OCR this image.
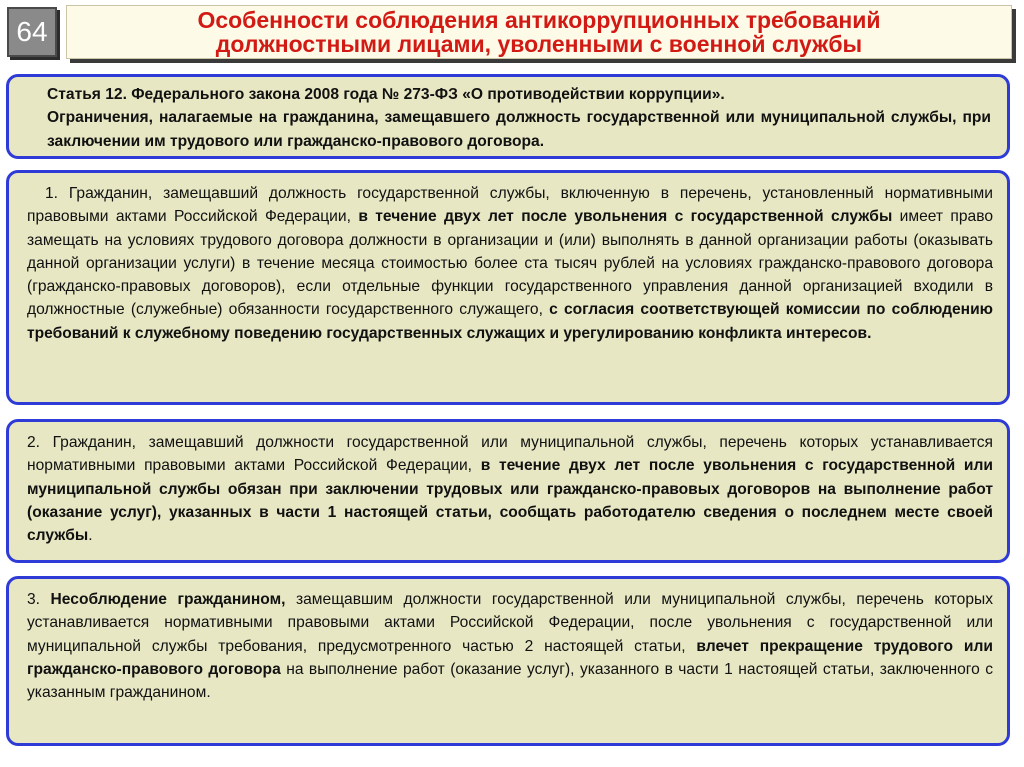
64	Особенности соблюдения антикоррупционных требований
должностными лицами, уволенными с военной службы

Статья 12. Федерального закона 2008 года № 273-ФЗ «О противодействии коррупции».

Ограничения, налагаемые на гражданина, замещавшего должность государственной или муниципальной службы, при заключении им трудового или гражданско-правового договора.

1. Гражданин, замещавший должность государственной службы, включенную в перечень, установленный нормативными правовыми актами Российской Федерации, в течение двух лет после увольнения с государственной службы имеет право замещать на условиях трудового договора должности в организации и (или) выполнять в данной организации работы (оказывать данной организации услуги) в течение месяца стоимостью более ста тысяч рублей на условиях гражданско-правового договора (гражданско-правовых договоров), если отдельные функции государственного управления данной организацией входили в должностные (служебные) обязанности государственного служащего, с согласия соответствующей комиссии по соблюдению требований к служебному поведению государственных служащих и урегулированию конфликта интересов.

2. Гражданин, замещавший должности государственной или муниципальной службы, перечень которых устанавливается нормативными правовыми актами Российской Федерации, в течение двух лет после увольнения с государственной или муниципальной службы обязан при заключении трудовых или гражданско-правовых договоров на выполнение работ (оказание услуг), указанных в части 1 настоящей статьи, сообщать работодателю сведения о последнем месте своей службы.

3. Несоблюдение гражданином, замещавшим должности государственной или муниципальной службы, перечень которых устанавливается нормативными правовыми актами Российской Федерации, после увольнения с государственной или муниципальной службы требования, предусмотренного частью 2 настоящей статьи, влечет прекращение трудового или гражданско-правового договора на выполнение работ (оказание услуг), указанного в части 1 настоящей статьи, заключенного с указанным гражданином.
